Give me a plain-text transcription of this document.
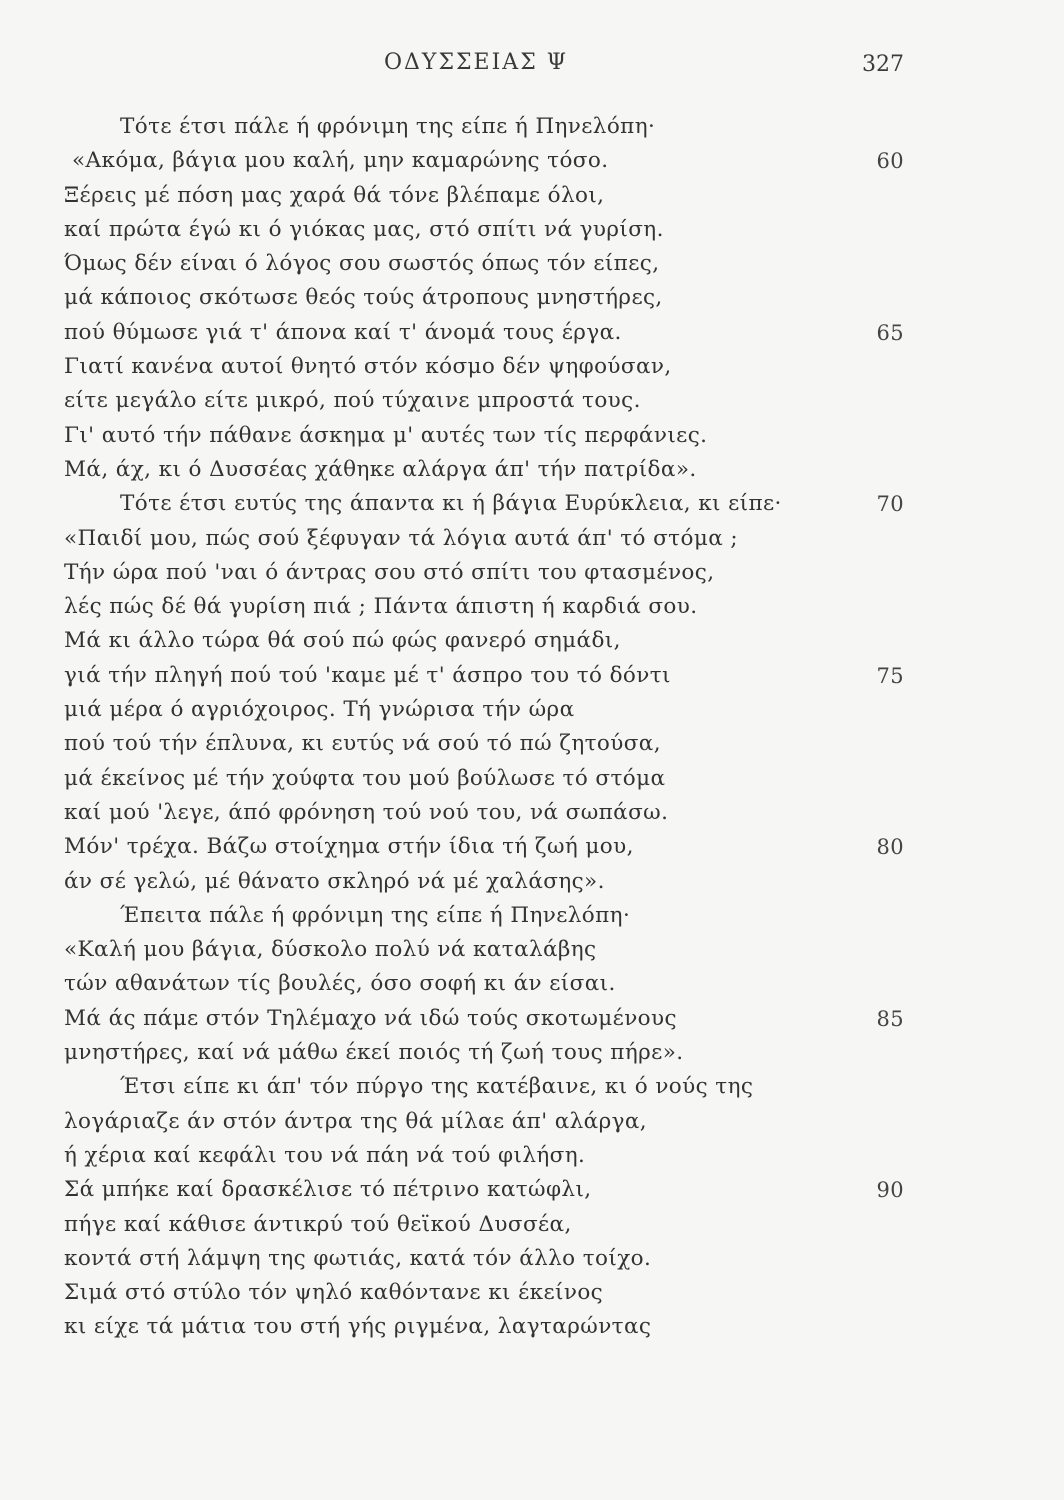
ΟΔΥΣΣΕΙΑΣ Ψ	327
Τότε έτσι πάλε ή φρόνιμη της είπε ή Πηνελόπη·
«Ακόμα, βάγια μου καλή, μην καμαρώνης τόσο.	60
Ξέρεις μέ πόση μας χαρά θά τόνε βλέπαμε όλοι,
καί πρώτα έγώ κι ό γιόκας μας, στό σπίτι νά γυρίση.
Όμως δέν είναι ό λόγος σου σωστός όπως τόν είπες,
μά κάποιος σκότωσε θεός τούς άτροπους μνηστήρες,
πού θύμωσε γιά τ' άπονα καί τ' άνομά τους έργα.	65
Γιατί κανένα αυτοί θνητό στόν κόσμο δέν ψηφούσαν,
είτε μεγάλο είτε μικρό, πού τύχαινε μπροστά τους.
Γι' αυτό τήν πάθανε άσκημα μ' αυτές των τίς περφάνιες.
Μά, άχ, κι ό Δυσσέας χάθηκε αλάργα άπ' τήν πατρίδα».
Τότε έτσι ευτύς της άπαντα κι ή βάγια Ευρύκλεια, κι είπε·	70
«Παιδί μου, πώς σού ξέφυγαν τά λόγια αυτά άπ' τό στόμα ;
Τήν ώρα πού 'ναι ό άντρας σου στό σπίτι του φτασμένος,
λές πώς δέ θά γυρίση πιά ; Πάντα άπιστη ή καρδιά σου.
Μά κι άλλο τώρα θά σού πώ φώς φανερό σημάδι,
γιά τήν πληγή πού τού 'καμε μέ τ' άσπρο του τό δόντι	75
μιά μέρα ό αγριόχοιρος. Τή γνώρισα τήν ώρα
πού τού τήν έπλυνα, κι ευτύς νά σού τό πώ ζητούσα,
μά έκείνος μέ τήν χούφτα του μού βούλωσε τό στόμα
καί μού 'λεγε, άπό φρόνηση τού νού του, νά σωπάσω.
Μόν' τρέχα. Βάζω στοίχημα στήν ίδια τή ζωή μου,	80
άν σέ γελώ, μέ θάνατο σκληρό νά μέ χαλάσης».
Έπειτα πάλε ή φρόνιμη της είπε ή Πηνελόπη·
«Καλή μου βάγια, δύσκολο πολύ νά καταλάβης
τών αθανάτων τίς βουλές, όσο σοφή κι άν είσαι.
Μά άς πάμε στόν Τηλέμαχο νά ιδώ τούς σκοτωμένους	85
μνηστήρες, καί νά μάθω έκεί ποιός τή ζωή τους πήρε».
Έτσι είπε κι άπ' τόν πύργο της κατέβαινε, κι ό νούς της
λογάριαζε άν στόν άντρα της θά μίλαε άπ' αλάργα,
ή χέρια καί κεφάλι του νά πάη νά τού φιλήση.
Σά μπήκε καί δρασκέλισε τό πέτρινο κατώφλι,	90
πήγε καί κάθισε άντικρύ τού θεϊκού Δυσσέα,
κοντά στή λάμψη της φωτιάς, κατά τόν άλλο τοίχο.
Σιμά στό στύλο τόν ψηλό καθόντανε κι έκείνος
κι είχε τά μάτια του στή γής ριγμένα, λαγταρώντας
